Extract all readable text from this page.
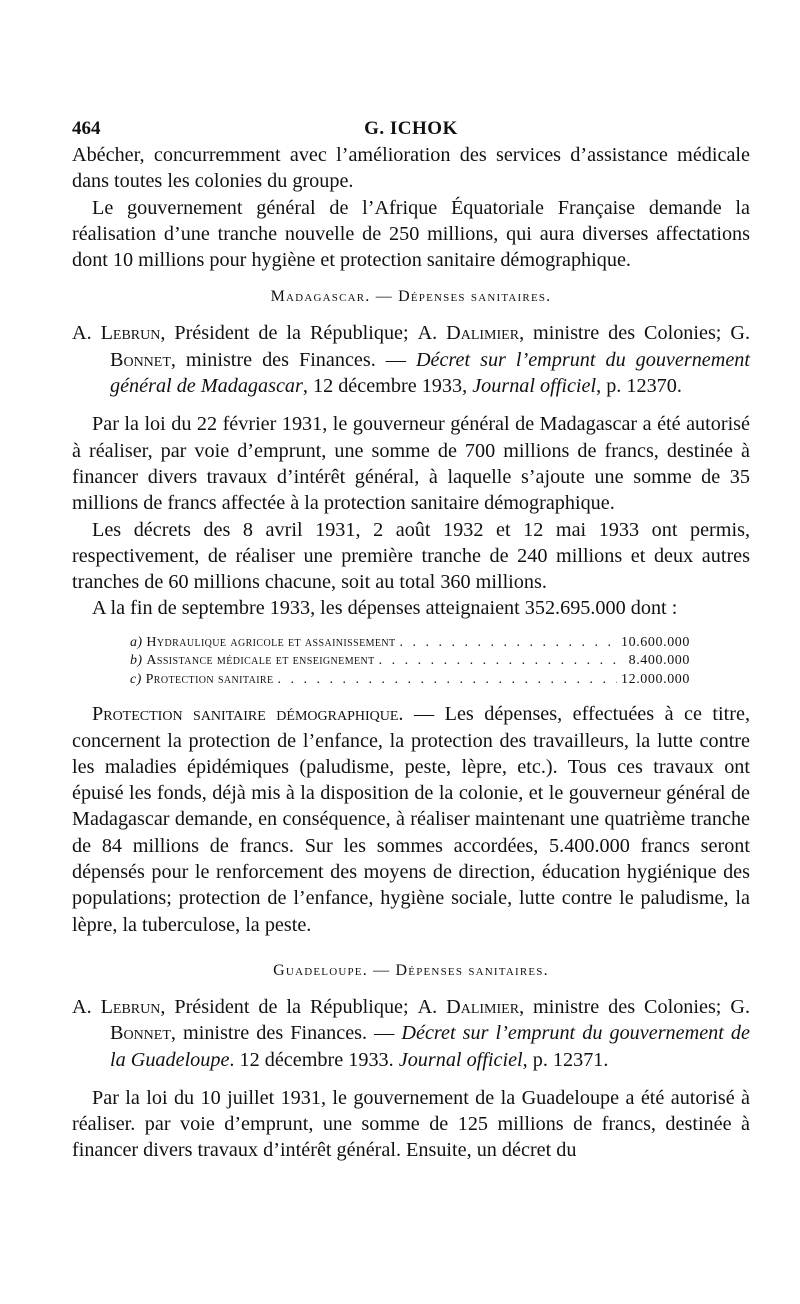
464	G. ICHOK

Abécher, concurremment avec l’amélioration des services d’assistance médicale dans toutes les colonies du groupe.

Le gouvernement général de l’Afrique Équatoriale Française demande la réalisation d’une tranche nouvelle de 250 millions, qui aura diverses affectations dont 10 millions pour hygiène et protection sanitaire démographique.

Madagascar. — Dépenses sanitaires.

A. Lebrun, Président de la République; A. Dalimier, ministre des Colonies; G. Bonnet, ministre des Finances. — Décret sur l’emprunt du gouvernement général de Madagascar, 12 décembre 1933, Journal officiel, p. 12370.

Par la loi du 22 février 1931, le gouverneur général de Madagascar a été autorisé à réaliser, par voie d’emprunt, une somme de 700 millions de francs, destinée à financer divers travaux d’intérêt général, à laquelle s’ajoute une somme de 35 millions de francs affectée à la protection sanitaire démographique.

Les décrets des 8 avril 1931, 2 août 1932 et 12 mai 1933 ont permis, respectivement, de réaliser une première tranche de 240 millions et deux autres tranches de 60 millions chacune, soit au total 360 millions.

A la fin de septembre 1933, les dépenses atteignaient 352.695.000 dont :

a) Hydraulique agricole et assainissement . . .	10.600.000
b) Assistance médicale et enseignement . . .	8.400.000
c) Protection sanitaire . . .	12.000.000

Protection sanitaire démographique. — Les dépenses, effectuées à ce titre, concernent la protection de l’enfance, la protection des travailleurs, la lutte contre les maladies épidémiques (paludisme, peste, lèpre, etc.). Tous ces travaux ont épuisé les fonds, déjà mis à la disposition de la colonie, et le gouverneur général de Madagascar demande, en conséquence, à réaliser maintenant une quatrième tranche de 84 millions de francs. Sur les sommes accordées, 5.400.000 francs seront dépensés pour le renforcement des moyens de direction, éducation hygiénique des populations; protection de l’enfance, hygiène sociale, lutte contre le paludisme, la lèpre, la tuberculose, la peste.

Guadeloupe. — Dépenses sanitaires.

A. Lebrun, Président de la République; A. Dalimier, ministre des Colonies; G. Bonnet, ministre des Finances. — Décret sur l’emprunt du gouvernement de la Guadeloupe. 12 décembre 1933. Journal officiel, p. 12371.

Par la loi du 10 juillet 1931, le gouvernement de la Guadeloupe a été autorisé à réaliser. par voie d’emprunt, une somme de 125 millions de francs, destinée à financer divers travaux d’intérêt général. Ensuite, un décret du
